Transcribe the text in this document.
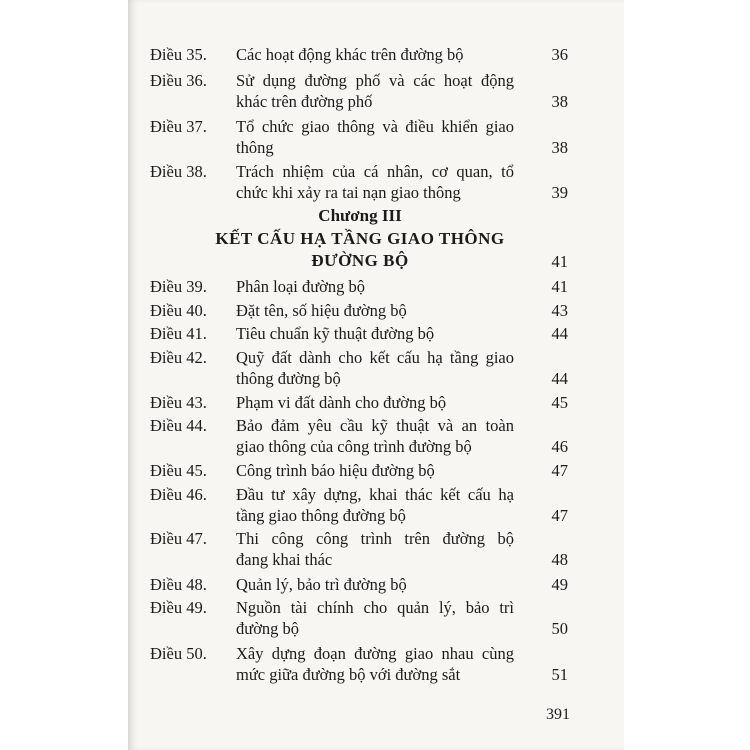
Điều 35. Các hoạt động khác trên đường bộ	36
Điều 36. Sử dụng đường phố và các hoạt động
khác trên đường phố	38
Điều 37. Tổ chức giao thông và điều khiển giao
thông	38
Điều 38. Trách nhiệm của cá nhân, cơ quan, tổ
chức khi xảy ra tai nạn giao thông	39
Chương III
KẾT CẤU HẠ TẦNG GIAO THÔNG
ĐƯỜNG BỘ	41
Điều 39. Phân loại đường bộ	41
Điều 40. Đặt tên, số hiệu đường bộ	43
Điều 41. Tiêu chuẩn kỹ thuật đường bộ	44
Điều 42. Quỹ đất dành cho kết cấu hạ tầng giao
thông đường bộ	44
Điều 43. Phạm vi đất dành cho đường bộ	45
Điều 44. Bảo đảm yêu cầu kỹ thuật và an toàn
giao thông của công trình đường bộ	46
Điều 45. Công trình báo hiệu đường bộ	47
Điều 46. Đầu tư xây dựng, khai thác kết cấu hạ
tầng giao thông đường bộ	47
Điều 47. Thi công công trình trên đường bộ
đang khai thác	48
Điều 48. Quản lý, bảo trì đường bộ	49
Điều 49. Nguồn tài chính cho quản lý, bảo trì
đường bộ	50
Điều 50. Xây dựng đoạn đường giao nhau cùng
mức giữa đường bộ với đường sắt	51
391
